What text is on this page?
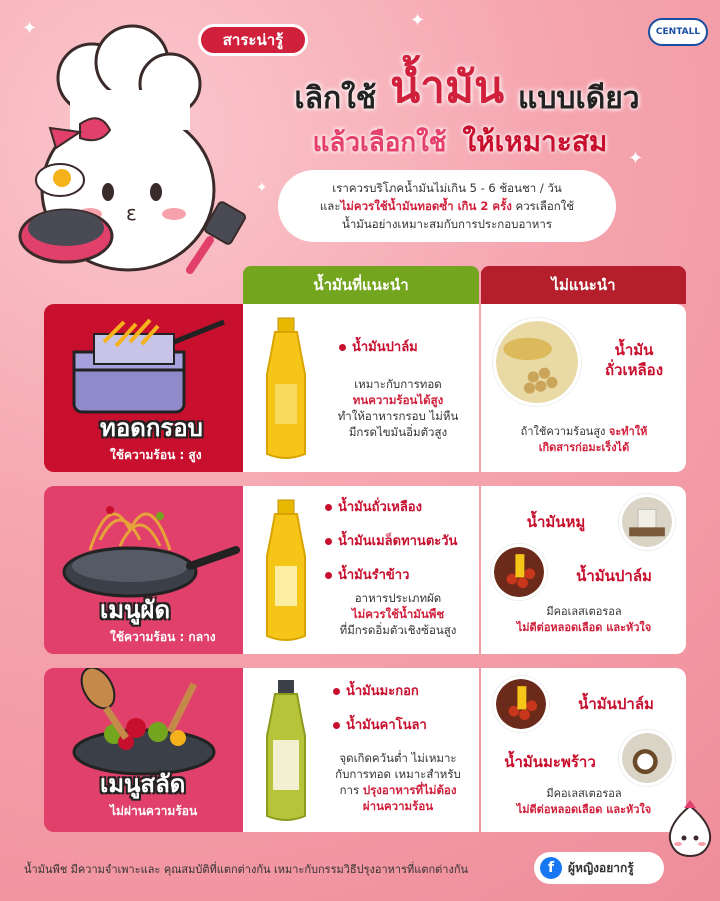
✦	✦
✦
✦
ε
สาระน่ารู้	CENTALL
เลิกใช้ น้ำมัน แบบเดียว
แล้วเลือกใช้ ให้เหมาะสม
เราควรบริโภคน้ำมันไม่เกิน 5 - 6 ช้อนชา / วัน
และไม่ควรใช้น้ำมันทอดซ้ำ เกิน 2 ครั้ง ควรเลือกใช้
น้ำมันอย่างเหมาะสมกับการประกอบอาหาร
น้ำมันที่แนะนำ	ไม่แนะนำ
ทอดกรอบ
ใช้ความร้อน : สูง
น้ำมันปาล์ม
เหมาะกับการทอด
ทนความร้อนได้สูง
ทำให้อาหารกรอบ ไม่หืน
มีกรดไขมันอิ่มตัวสูง
น้ำมัน
ถั่วเหลือง
ถ้าใช้ความร้อนสูง จะทำให้
เกิดสารก่อมะเร็งได้
เมนูผัด
ใช้ความร้อน : กลาง
น้ำมันถั่วเหลือง
น้ำมันเมล็ดทานตะวัน
น้ำมันรำข้าว
อาหารประเภทผัด
ไม่ควรใช้น้ำมันพืช
ที่มีกรดอิ่มตัวเชิงซ้อนสูง
น้ำมันหมู
น้ำมันปาล์ม
มีคอเลสเตอรอล
ไม่ดีต่อหลอดเลือด และหัวใจ
เมนูสลัด
ไม่ผ่านความร้อน
น้ำมันมะกอก
น้ำมันคาโนลา
จุดเกิดควันต่ำ ไม่เหมาะ
กับการทอด เหมาะสำหรับ
การ ปรุงอาหารที่ไม่ต้อง
ผ่านความร้อน
น้ำมันปาล์ม
น้ำมันมะพร้าว
มีคอเลสเตอรอล
ไม่ดีต่อหลอดเลือด และหัวใจ
น้ำมันพืช มีความจำเพาะและ คุณสมบัติที่แตกต่างกัน เหมาะกับกรรมวิธีปรุงอาหารที่แตกต่างกัน	f	ผู้หญิงอยากรู้
